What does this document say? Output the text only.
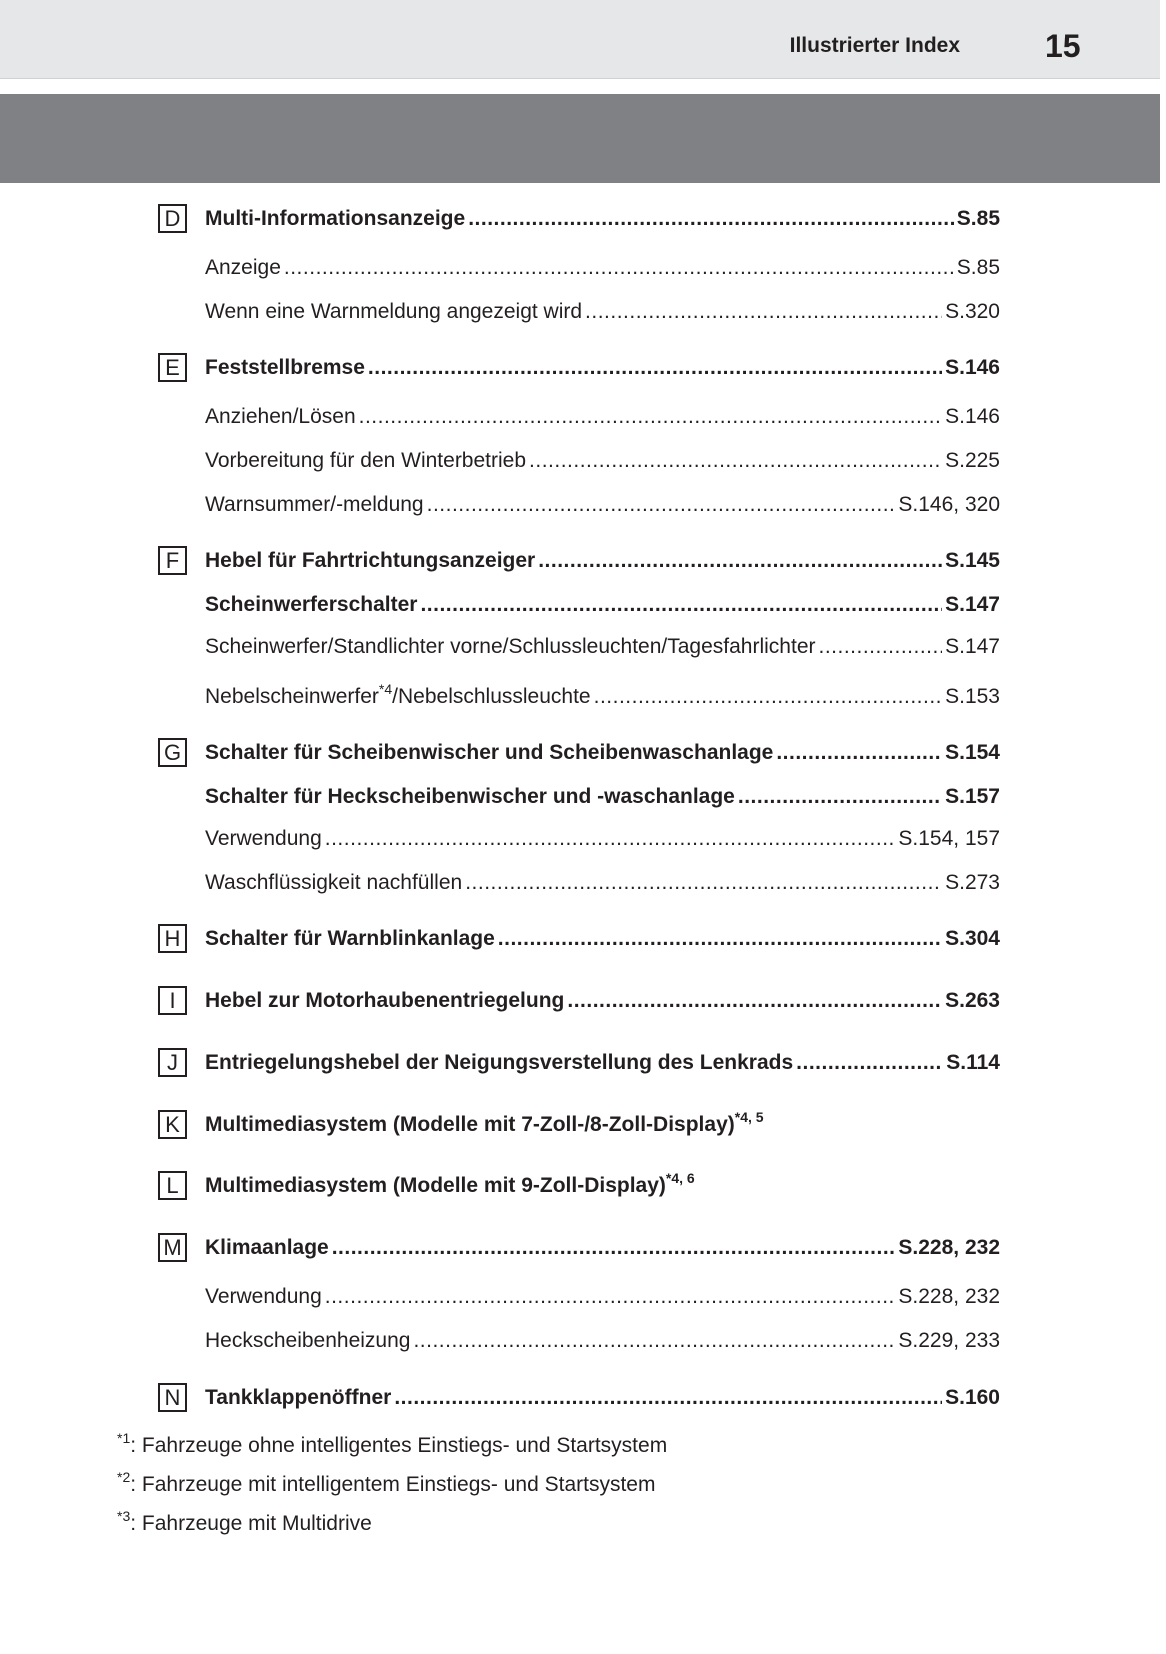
Illustrierter Index	15
D	Multi-Informationsanzeige .....	S.85
Anzeige .....	S.85
Wenn eine Warnmeldung angezeigt wird .....	S.320
E	Feststellbremse .....	S.146
Anziehen/Lösen .....	S.146
Vorbereitung für den Winterbetrieb .....	S.225
Warnsummer/-meldung .....	S.146, 320
F	Hebel für Fahrtrichtungsanzeiger .....	S.145
Scheinwerferschalter .....	S.147
Scheinwerfer/Standlichter vorne/Schlussleuchten/Tagesfahrlichter .....	S.147
Nebelscheinwerfer$^{*4}$/Nebelschlussleuchte .....	S.153
G Schalter für Scheibenwischer und Scheibenwaschanlage .....	S.154
Schalter für Heckscheibenwischer und -waschanlage .....	S.157
Verwendung .....	S.154, 157
Waschflüssigkeit nachfüllen .....	S.273
H	Schalter für Warnblinkanlage .....	S.304
I	Hebel zur Motorhaubenentriegelung .....	S.263
J	Entriegelungshebel der Neigungsverstellung des Lenkrads .....	S.114
K	Multimediasystem (Modelle mit 7-Zoll-/8-Zoll-Display)$^{*4, 5}$
L	Multimediasystem (Modelle mit 9-Zoll-Display)$^{*4, 6}$
M Klimaanlage .....	S.228, 232
Verwendung .....	S.228, 232
Heckscheibenheizung .....	S.229, 233
N	Tankklappenöffner .....	S.160
$^{*1}$: Fahrzeuge ohne intelligentes Einstiegs- und Startsystem
$^{*2}$: Fahrzeuge mit intelligentem Einstiegs- und Startsystem
$^{*3}$: Fahrzeuge mit Multidrive
